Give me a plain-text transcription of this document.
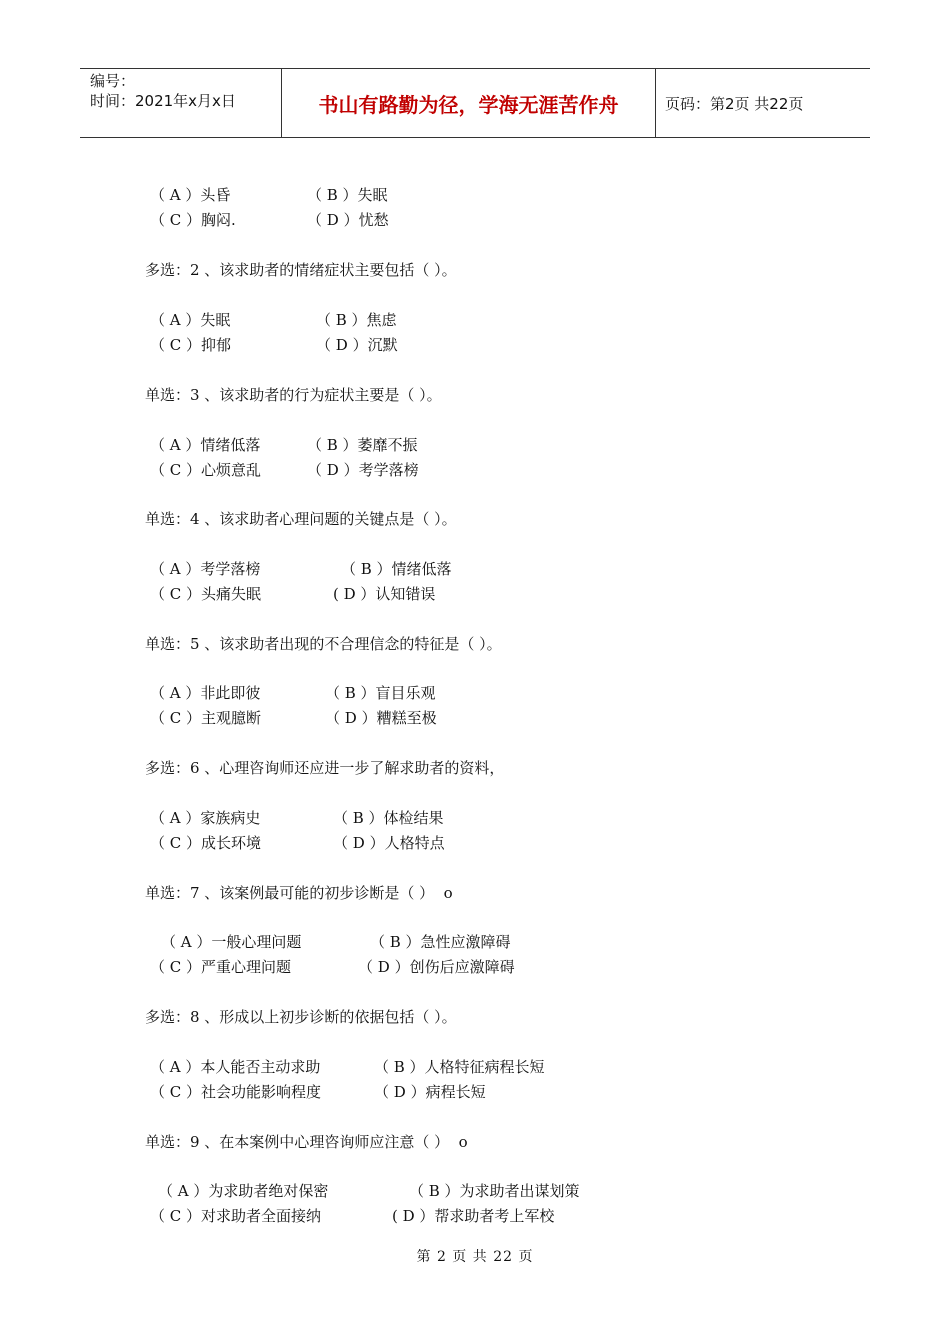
编号：
时间：2021年x月x日	书山有路勤为径，学海无涯苦作舟	页码：第2页 共22页
（ A ）头昏	（ B ）失眠
（ C ）胸闷.	（ D ）忧愁
多选：2 、该求助者的情绪症状主要包括（ ）。
（ A ）失眠	（ B ）焦虑
（ C ）抑郁	（ D ）沉默
单选：3 、该求助者的行为症状主要是（ ）。
（ A ）情绪低落	（ B ）萎靡不振
（ C ）心烦意乱	（ D ）考学落榜
单选：4 、该求助者心理问题的关键点是（ ）。
（ A ）考学落榜	（ B ）情绪低落
（ C ）头痛失眠	( D ）认知错误
单选：5 、该求助者出现的不合理信念的特征是（ ）。
（ A ）非此即彼	（ B ）盲目乐观
（ C ）主观臆断	（ D ）糟糕至极
多选：6 、心理咨询师还应进一步了解求助者的资料，
（ A ）家族病史	（ B ）体检结果
（ C ）成长环境	（ D ）人格特点
单选：7 、该案例最可能的初步诊断是（ ）  o
（ A ）一般心理问题	（ B ）急性应激障碍
（ C ）严重心理问题	（ D ）创伤后应激障碍
多选：8 、形成以上初步诊断的依据包括（ ）。
（ A ）本人能否主动求助	（ B ）人格特征病程长短
（ C ）社会功能影响程度	（ D ）病程长短
单选：9 、在本案例中心理咨询师应注意（ ）  o
（ A ）为求助者绝对保密	（ B ）为求助者出谋划策
（ C ）对求助者全面接纳	( D ）帮求助者考上军校
第 2 页 共 22 页
